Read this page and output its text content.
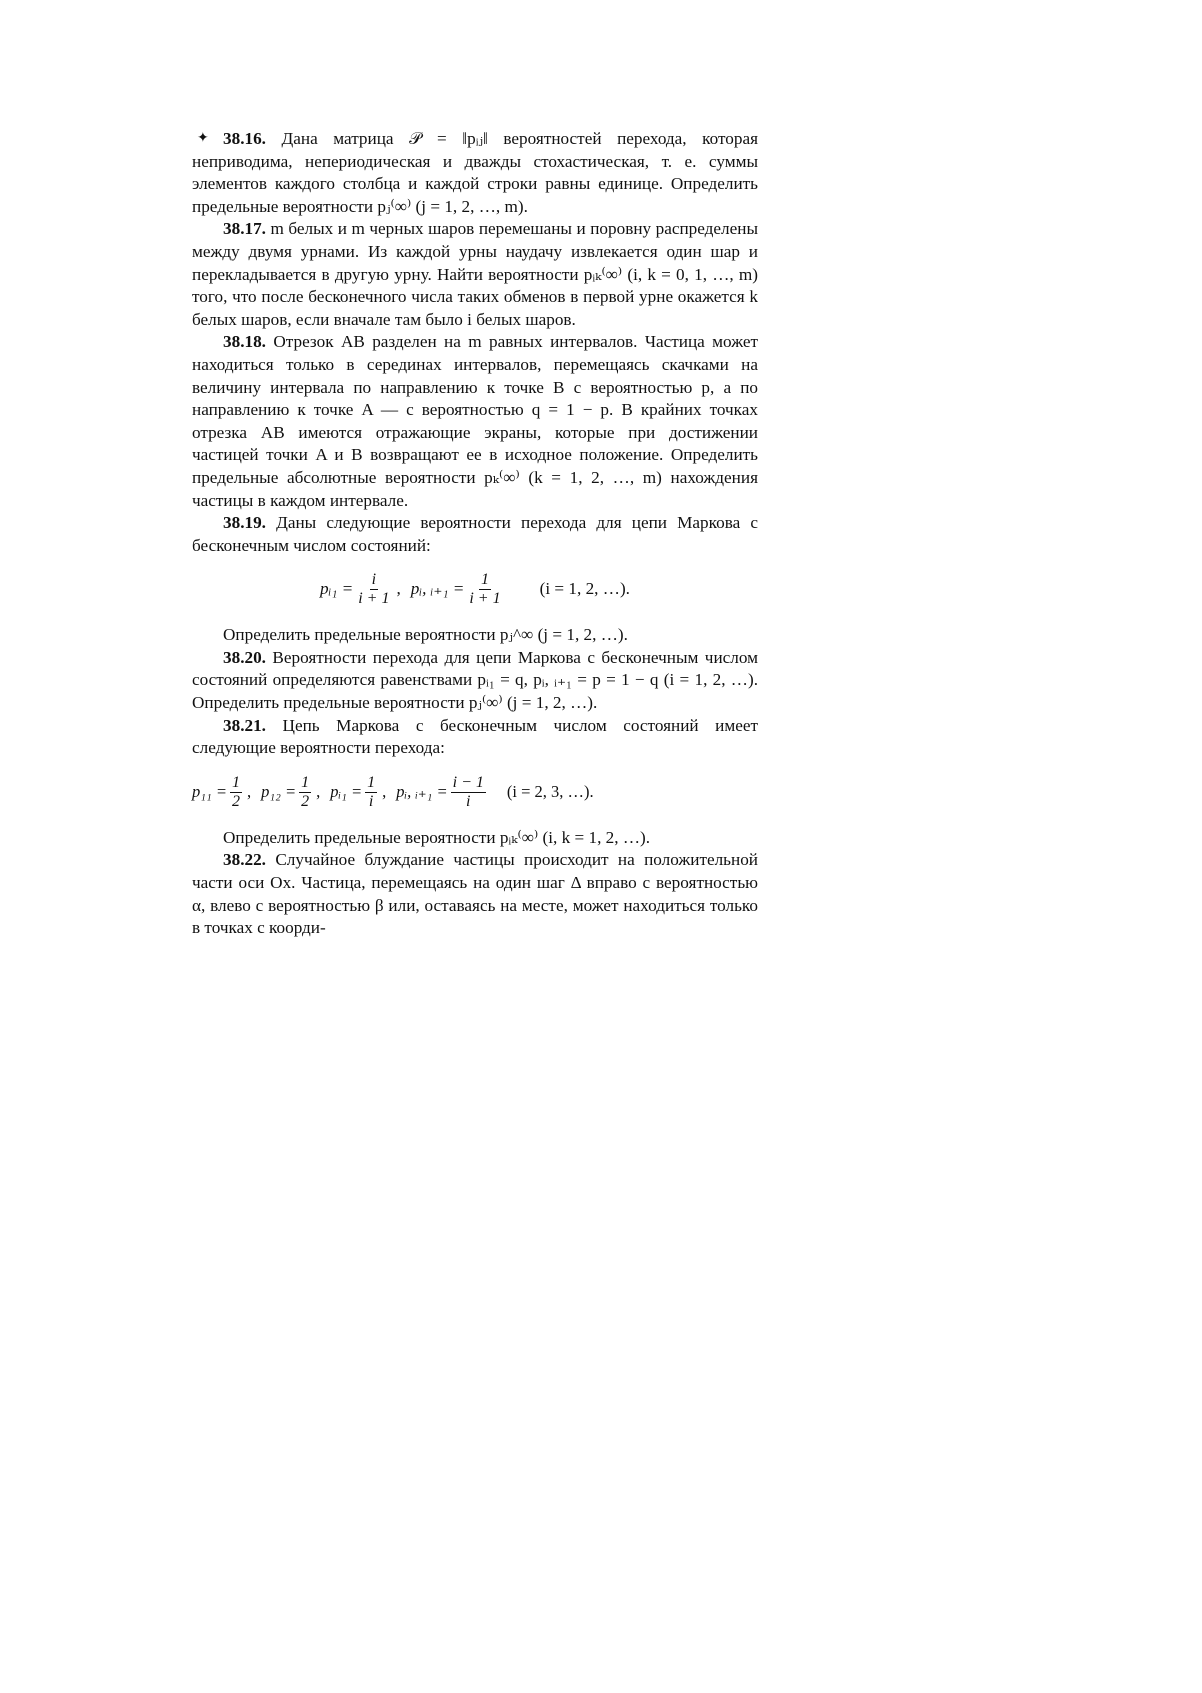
✦ 38.16. Дана матрица 𝒫 = ‖pᵢⱼ‖ вероятностей перехода, которая неприводима, непериодическая и дважды стохастическая, т. е. суммы элементов каждого столбца и каждой строки равны единице. Определить предельные вероятности pⱼ⁽∞⁾ (j = 1, 2, …, m).

38.17. m белых и m черных шаров перемешаны и поровну распределены между двумя урнами. Из каждой урны наудачу извлекается один шар и перекладывается в другую урну. Найти вероятности pᵢₖ⁽∞⁾ (i, k = 0, 1, …, m) того, что после бесконечного числа таких обменов в первой урне окажется k белых шаров, если вначале там было i белых шаров.

38.18. Отрезок AB разделен на m равных интервалов. Частица может находиться только в серединах интервалов, перемещаясь скачками на величину интервала по направлению к точке B с вероятностью p, а по направлению к точке A — с вероятностью q = 1 − p. В крайних точках отрезка AB имеются отражающие экраны, которые при достижении частицей точки A и B возвращают ее в исходное положение. Определить предельные абсолютные вероятности pₖ⁽∞⁾ (k = 1, 2, …, m) нахождения частицы в каждом интервале.

38.19. Даны следующие вероятности перехода для цепи Маркова с бесконечным числом состояний:

pᵢ₁ = $\frac{i}{i + 1}$ , pᵢ, ᵢ₊₁ = $\frac{1}{i + 1} (i = 1$, 2, …).

Определить предельные вероятности pⱼ^∞ (j = 1, 2, …).

38.20. Вероятности перехода для цепи Маркова с бесконечным числом состояний определяются равенствами pᵢ₁ = q, pᵢ, ᵢ₊₁ = p = 1 − q (i = 1, 2, …). Определить предельные вероятности pⱼ⁽∞⁾ (j = 1, 2, …).

38.21. Цепь Маркова с бесконечным числом состояний имеет следующие вероятности перехода:

$p_{11} = \frac{1}{2}$ , $p_{12} = \frac{1}{2}$ , pᵢ₁ = $\frac{1}{i}$ , pᵢ, ᵢ₊₁ = $\frac{i - 1}{i} (i = 2$, 3, …).

Определить предельные вероятности pᵢₖ⁽∞⁾ (i, k = 1, 2, …).

38.22. Случайное блуждание частицы происходит на положительной части оси Ox. Частица, перемещаясь на один шаг Δ вправо с вероятностью α, влево с вероятностью β или, оставаясь на месте, может находиться только в точках с коорди-
